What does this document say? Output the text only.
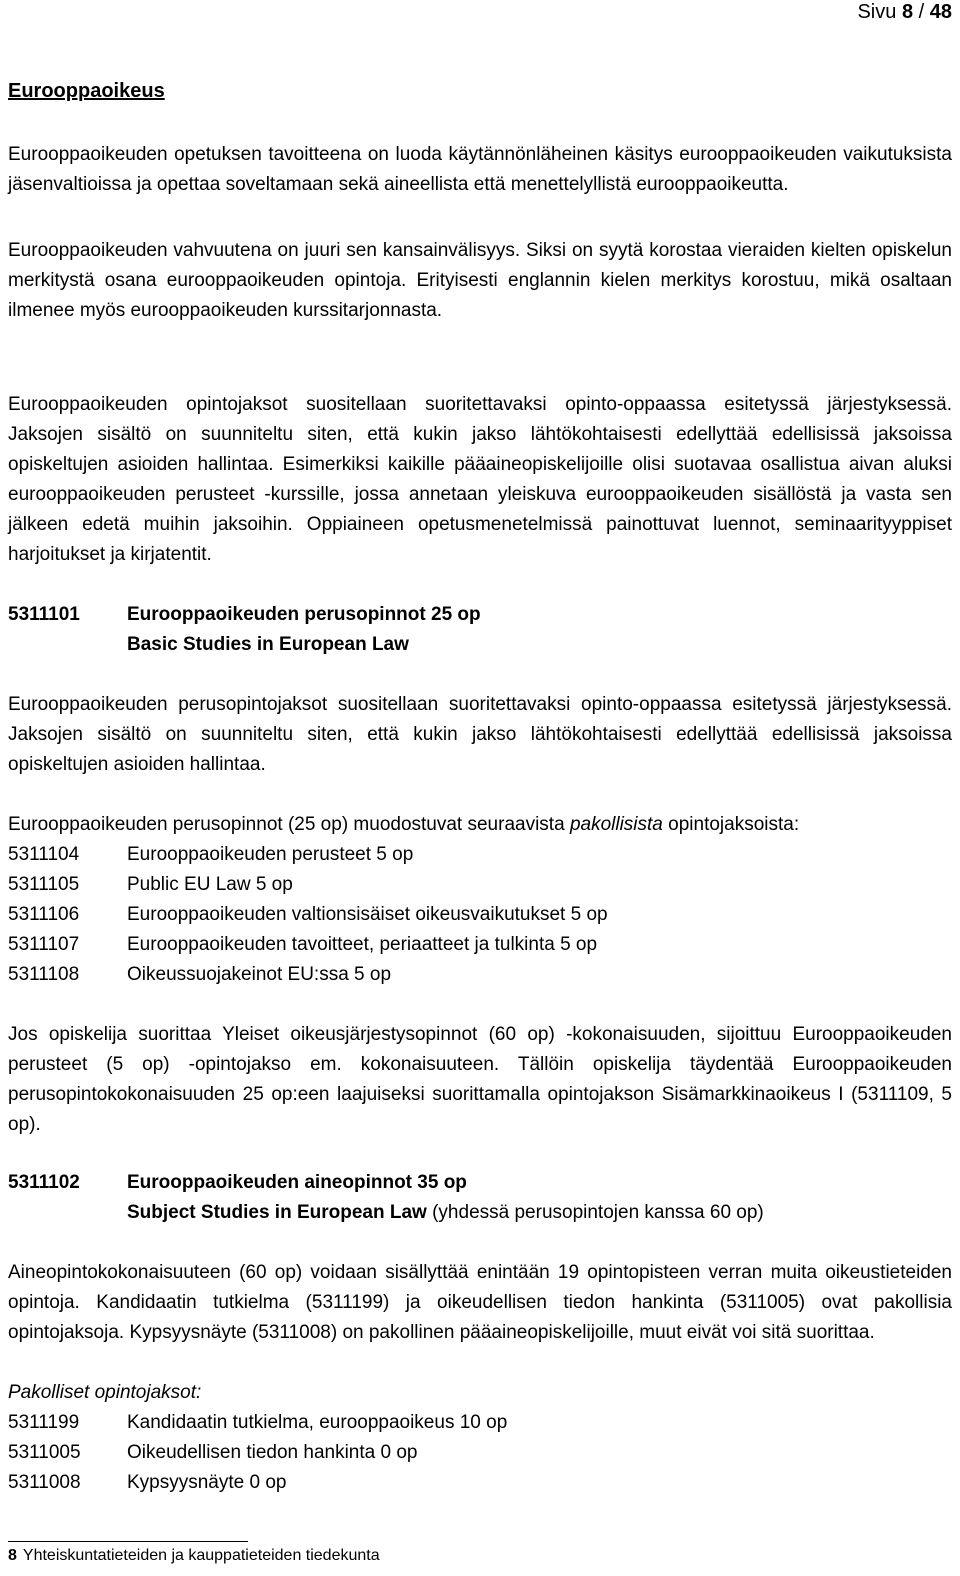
Sivu 8 / 48
Eurooppaoikeus
Eurooppaoikeuden opetuksen tavoitteena on luoda käytännönläheinen käsitys eurooppaoikeuden vaikutuksista jäsenvaltioissa ja opettaa soveltamaan sekä aineellista että menettelyllistä eurooppaoikeutta.
Eurooppaoikeuden vahvuutena on juuri sen kansainvälisyys. Siksi on syytä korostaa vieraiden kielten opiskelun merkitystä osana eurooppaoikeuden opintoja. Erityisesti englannin kielen merkitys korostuu, mikä osaltaan ilmenee myös eurooppaoikeuden kurssitarjonnasta.
Eurooppaoikeuden opintojaksot suositellaan suoritettavaksi opinto-oppaassa esitetyssä järjestyksessä. Jaksojen sisältö on suunniteltu siten, että kukin jakso lähtökohtaisesti edellyttää edellisissä jaksoissa opiskeltujen asioiden hallintaa. Esimerkiksi kaikille pääaineopiskelijoille olisi suotavaa osallistua aivan aluksi eurooppaoikeuden perusteet -kurssille, jossa annetaan yleiskuva eurooppaoikeuden sisällöstä ja vasta sen jälkeen edetä muihin jaksoihin. Oppiaineen opetusmenetelmissä painottuvat luennot, seminaarityyppiset harjoitukset ja kirjatentit.
5311101 Eurooppaoikeuden perusopinnot 25 op
Basic Studies in European Law
Eurooppaoikeuden perusopintojaksot suositellaan suoritettavaksi opinto-oppaassa esitetyssä järjestyksessä. Jaksojen sisältö on suunniteltu siten, että kukin jakso lähtökohtaisesti edellyttää edellisissä jaksoissa opiskeltujen asioiden hallintaa.
Eurooppaoikeuden perusopinnot (25 op) muodostuvat seuraavista pakollisista opintojaksoista:
5311104	Eurooppaoikeuden perusteet 5 op
5311105	Public EU Law 5 op
5311106	Eurooppaoikeuden valtionsisäiset oikeusvaikutukset 5 op
5311107	Eurooppaoikeuden tavoitteet, periaatteet ja tulkinta 5 op
5311108	Oikeussuojakeinot EU:ssa 5 op
Jos opiskelija suorittaa Yleiset oikeusjärjestysopinnot (60 op) -kokonaisuuden, sijoittuu Eurooppaoikeuden perusteet (5 op) -opintojakso em. kokonaisuuteen. Tällöin opiskelija täydentää Eurooppaoikeuden perusopintokokonaisuuden 25 op:een laajuiseksi suorittamalla opintojakson Sisämarkkinaoikeus I (5311109, 5 op).
5311102 Eurooppaoikeuden aineopinnot 35 op
Subject Studies in European Law (yhdessä perusopintojen kanssa 60 op)
Aineopintokokonaisuuteen (60 op) voidaan sisällyttää enintään 19 opintopisteen verran muita oikeustieteiden opintoja. Kandidaatin tutkielma (5311199) ja oikeudellisen tiedon hankinta (5311005) ovat pakollisia opintojaksoja. Kypsyysnäyte (5311008) on pakollinen pääaineopiskelijoille, muut eivät voi sitä suorittaa.
Pakolliset opintojaksot:
5311199	Kandidaatin tutkielma, eurooppaoikeus 10 op
5311005 Oikeudellisen tiedon hankinta 0 op
5311008 Kypsyysnäyte 0 op
8 Yhteiskuntatieteiden ja kauppatieteiden tiedekunta
